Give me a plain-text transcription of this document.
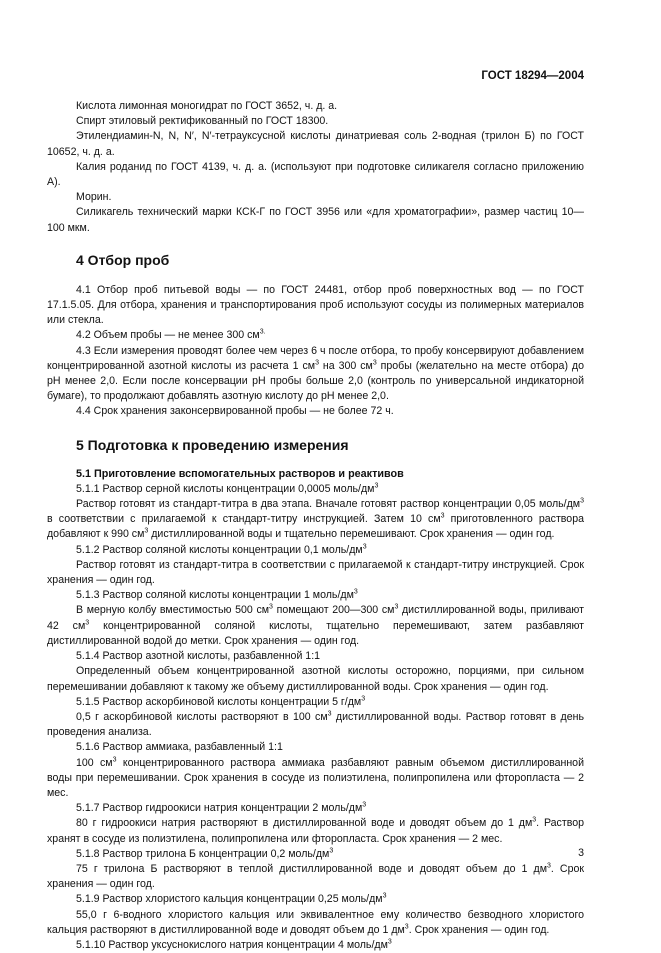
ГОСТ 18294—2004

Кислота лимонная моногидрат по ГОСТ 3652, ч. д. а.

Спирт этиловый ректификованный по ГОСТ 18300.

Этилендиамин-N, N, N′, N′-тетрауксусной кислоты динатриевая соль 2-водная (трилон Б) по ГОСТ 10652, ч. д. а.

Калия роданид по ГОСТ 4139, ч. д. а. (используют при подготовке силикагеля согласно приложению А).

Морин.

Силикагель технический марки КСК-Г по ГОСТ 3956 или «для хроматографии», размер частиц 10—100 мкм.

4 Отбор проб

4.1 Отбор проб питьевой воды — по ГОСТ 24481, отбор проб поверхностных вод — по ГОСТ 17.1.5.05. Для отбора, хранения и транспортирования проб используют сосуды из полимерных материалов или стекла.

4.2 Объем пробы — не менее 300 $см^{3.}$

4.3 Если измерения проводят более чем через 6 ч после отбора, то пробу консервируют добавлением концентрированной азотной кислоты из расчета 1 $см^3$ на 300 $см^3$ пробы (желательно на месте отбора) до pH менее 2,0. Если после консервации pH пробы больше 2,0 (контроль по универсальной индикаторной бумаге), то продолжают добавлять азотную кислоту до pH менее 2,0.

4.4 Срок хранения законсервированной пробы — не более 72 ч.

5 Подготовка к проведению измерения

5.1 Приготовление вспомогательных растворов и реактивов

5.1.1 Раствор серной кислоты концентрации 0,0005 моль/$дм^3$

Раствор готовят из стандарт-титра в два этапа. Вначале готовят раствор концентрации 0,05 моль/$дм^3$ в соответствии с прилагаемой к стандарт-титру инструкцией. Затем 10 $см^3$ приготовленного раствора добавляют к 990 $см^3$ дистиллированной воды и тщательно перемешивают. Срок хранения — один год.

5.1.2 Раствор соляной кислоты концентрации 0,1 моль/$дм^3$

Раствор готовят из стандарт-титра в соответствии с прилагаемой к стандарт-титру инструкцией. Срок хранения — один год.

5.1.3 Раствор соляной кислоты концентрации 1 моль/$дм^3$

В мерную колбу вместимостью 500 $см^3$ помещают 200—300 $см^3$ дистиллированной воды, приливают 42 $см^3$ концентрированной соляной кислоты, тщательно перемешивают, затем разбавляют дистиллированной водой до метки. Срок хранения — один год.

5.1.4 Раствор азотной кислоты, разбавленной 1:1

Определенный объем концентрированной азотной кислоты осторожно, порциями, при сильном перемешивании добавляют к такому же объему дистиллированной воды. Срок хранения — один год.

5.1.5 Раствор аскорбиновой кислоты концентрации 5 $г/дм^3$

0,5 г аскорбиновой кислоты растворяют в 100 $см^3$ дистиллированной воды. Раствор готовят в день проведения анализа.

5.1.6 Раствор аммиака, разбавленный 1:1

100 $см^3$ концентрированного раствора аммиака разбавляют равным объемом дистиллированной воды при перемешивании. Срок хранения в сосуде из полиэтилена, полипропилена или фторопласта — 2 мес.

5.1.7 Раствор гидроокиси натрия концентрации 2 моль/$дм^3$

80 г гидроокиси натрия растворяют в дистиллированной воде и доводят объем до 1 $дм^3$. Раствор хранят в сосуде из полиэтилена, полипропилена или фторопласта. Срок хранения — 2 мес.

5.1.8 Раствор трилона Б концентрации 0,2 моль/$дм^3$

75 г трилона Б растворяют в теплой дистиллированной воде и доводят объем до 1 $дм^3$. Срок хранения — один год.

5.1.9 Раствор хлористого кальция концентрации 0,25 моль/$дм^3$

55,0 г 6-водного хлористого кальция или эквивалентное ему количество безводного хлористого кальция растворяют в дистиллированной воде и доводят объем до 1 $дм^3$. Срок хранения — один год.

5.1.10 Раствор уксуснокислого натрия концентрации 4 моль/$дм^3$

3
